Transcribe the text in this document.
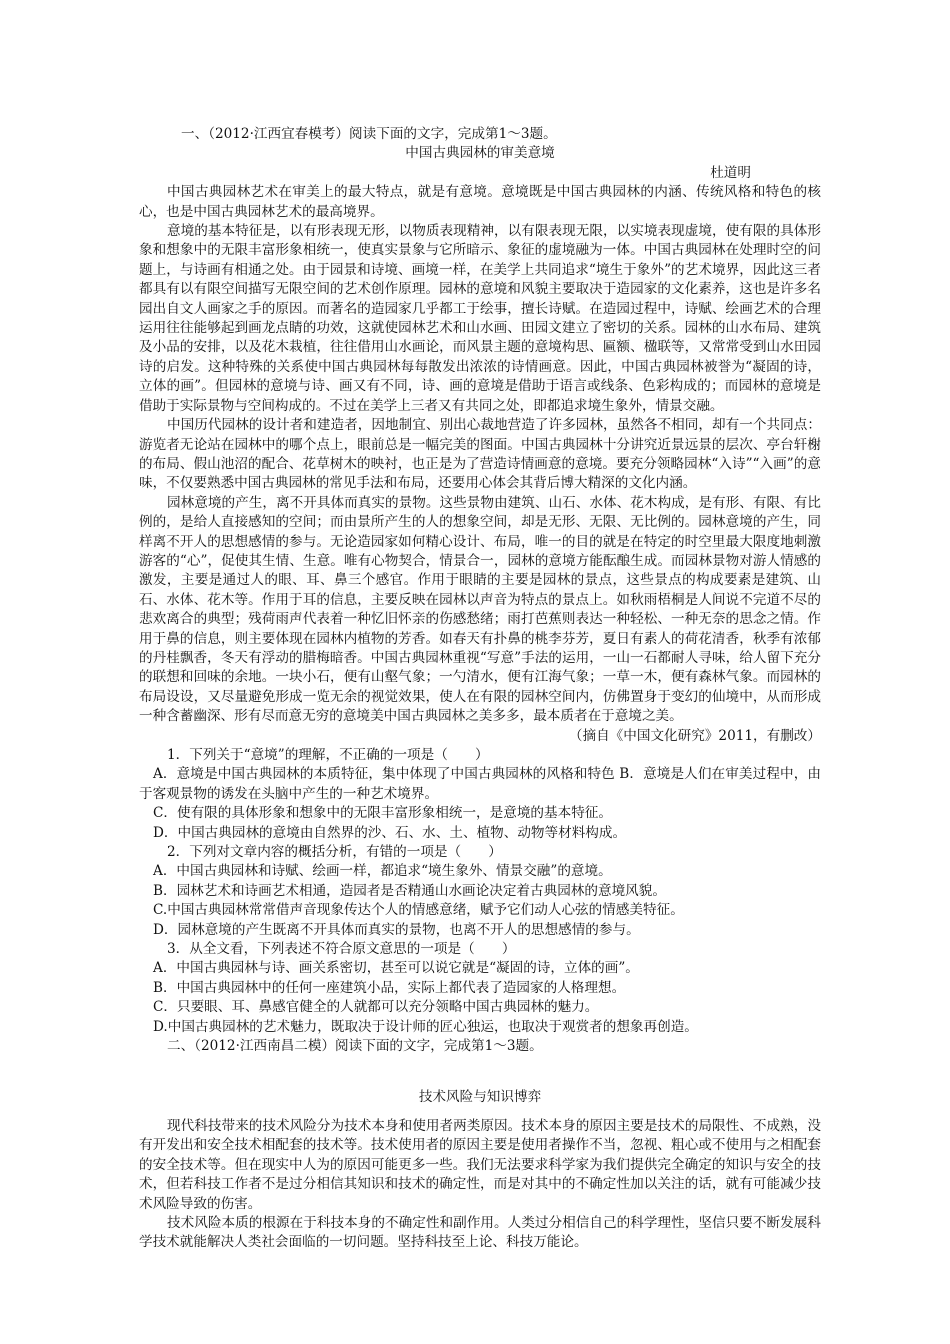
一、（2012·江西宜春模考）阅读下面的文字，完成第1～3题。

中国古典园林的审美意境

杜道明

中国古典园林艺术在审美上的最大特点，就是有意境。意境既是中国古典园林的内涵、传统风格和特色的核心，也是中国古典园林艺术的最高境界。

意境的基本特征是，以有形表现无形，以物质表现精神，以有限表现无限，以实境表现虚境，使有限的具体形象和想象中的无限丰富形象相统一，使真实景象与它所暗示、象征的虚境融为一体。中国古典园林在处理时空的问题上，与诗画有相通之处。由于园景和诗境、画境一样，在美学上共同追求“境生于象外”的艺术境界，因此这三者都具有以有限空间描写无限空间的艺术创作原理。园林的意境和风貌主要取决于造园家的文化素养，这也是许多名园出自文人画家之手的原因。而著名的造园家几乎都工于绘事，擅长诗赋。在造园过程中，诗赋、绘画艺术的合理运用往往能够起到画龙点睛的功效，这就使园林艺术和山水画、田园文建立了密切的关系。园林的山水布局、建筑及小品的安排，以及花木栽植，往往借用山水画论，而风景主题的意境构思、匾额、楹联等，又常常受到山水田园诗的启发。这种特殊的关系使中国古典园林每每散发出浓浓的诗情画意。因此，中国古典园林被誉为“凝固的诗，立体的画”。但园林的意境与诗、画又有不同，诗、画的意境是借助于语言或线条、色彩构成的；而园林的意境是借助于实际景物与空间构成的。不过在美学上三者又有共同之处，即都追求境生象外，情景交融。

中国历代园林的设计者和建造者，因地制宜、别出心裁地营造了许多园林，虽然各不相同，却有一个共同点：游览者无论站在园林中的哪个点上，眼前总是一幅完美的图面。中国古典园林十分讲究近景远景的层次、亭台轩榭的布局、假山池沼的配合、花草树木的映衬，也正是为了营造诗情画意的意境。要充分领略园林“入诗”“入画”的意味，不仅要熟悉中国古典园林的常见手法和布局，还要用心体会其背后博大精深的文化内涵。

园林意境的产生，离不开具体而真实的景物。这些景物由建筑、山石、水体、花木构成，是有形、有限、有比例的，是给人直接感知的空间；而由景所产生的人的想象空间，却是无形、无限、无比例的。园林意境的产生，同样离不开人的思想感情的参与。无论造园家如何精心设计、布局，唯一的目的就是在特定的时空里最大限度地刺激游客的“心”，促使其生情、生意。唯有心物契合，情景合一，园林的意境方能酝酿生成。而园林景物对游人情感的激发，主要是通过人的眼、耳、鼻三个感官。作用于眼睛的主要是园林的景点，这些景点的构成要素是建筑、山石、水体、花木等。作用于耳的信息，主要反映在园林以声音为特点的景点上。如秋雨梧桐是人间说不完道不尽的悲欢离合的典型；残荷雨声代表着一种忆旧怀亲的伤感愁绪；雨打芭蕉则表达一种轻松、一种无奈的思念之情。作用于鼻的信息，则主要体现在园林内植物的芳香。如春天有扑鼻的桃李芬芳，夏日有素人的荷花清香，秋季有浓郁的丹桂飘香，冬天有浮动的腊梅暗香。中国古典园林重视“写意”手法的运用，一山一石都耐人寻味，给人留下充分的联想和回味的余地。一块小石，便有山壑气象；一勺清水，便有江海气象；一草一木，便有森林气象。而园林的布局设设，又尽量避免形成一览无余的视觉效果，使人在有限的园林空间内，仿佛置身于变幻的仙境中，从而形成一种含蓄幽深、形有尽而意无穷的意境美中国古典园林之美多多，最本质者在于意境之美。

（摘自《中国文化研究》2011，有删改）

1．下列关于“意境”的理解，不正确的一项是（　　）

A．意境是中国古典园林的本质特征，集中体现了中国古典园林的风格和特色 B．意境是人们在审美过程中，由于客观景物的诱发在头脑中产生的一种艺术境界。

C．使有限的具体形象和想象中的无限丰富形象相统一，是意境的基本特征。

D．中国古典园林的意境由自然界的沙、石、水、土、植物、动物等材料构成。

2．下列对文章内容的概括分析，有错的一项是（　　）

A．中国古典园林和诗赋、绘画一样，都追求“境生象外、情景交融”的意境。

B．园林艺术和诗画艺术相通，造园者是否精通山水画论决定着古典园林的意境风貌。

C.中国古典园林常常借声音现象传达个人的情感意绪，赋予它们动人心弦的情感美特征。

D．园林意境的产生既离不开具体而真实的景物，也离不开人的思想感情的参与。

3．从全文看，下列表述不符合原文意思的一项是（　　）

A．中国古典园林与诗、画关系密切，甚至可以说它就是“凝固的诗，立体的画”。

B．中国古典园林中的任何一座建筑小品，实际上都代表了造园家的人格理想。

C．只要眼、耳、鼻感官健全的人就都可以充分领略中国古典园林的魅力。

D.中国古典园林的艺术魅力，既取决于设计师的匠心独运，也取决于观赏者的想象再创造。

二、（2012·江西南昌二模）阅读下面的文字，完成第1～3题。

技术风险与知识博弈

现代科技带来的技术风险分为技术本身和使用者两类原因。技术本身的原因主要是技术的局限性、不成熟，没有开发出和安全技术相配套的技术等。技术使用者的原因主要是使用者操作不当，忽视、粗心或不使用与之相配套的安全技术等。但在现实中人为的原因可能更多一些。我们无法要求科学家为我们提供完全确定的知识与安全的技术，但若科技工作者不是过分相信其知识和技术的确定性，而是对其中的不确定性加以关注的话，就有可能减少技术风险导致的伤害。

技术风险本质的根源在于科技本身的不确定性和副作用。人类过分相信自己的科学理性，坚信只要不断发展科学技术就能解决人类社会面临的一切问题。坚持科技至上论、科技万能论。
